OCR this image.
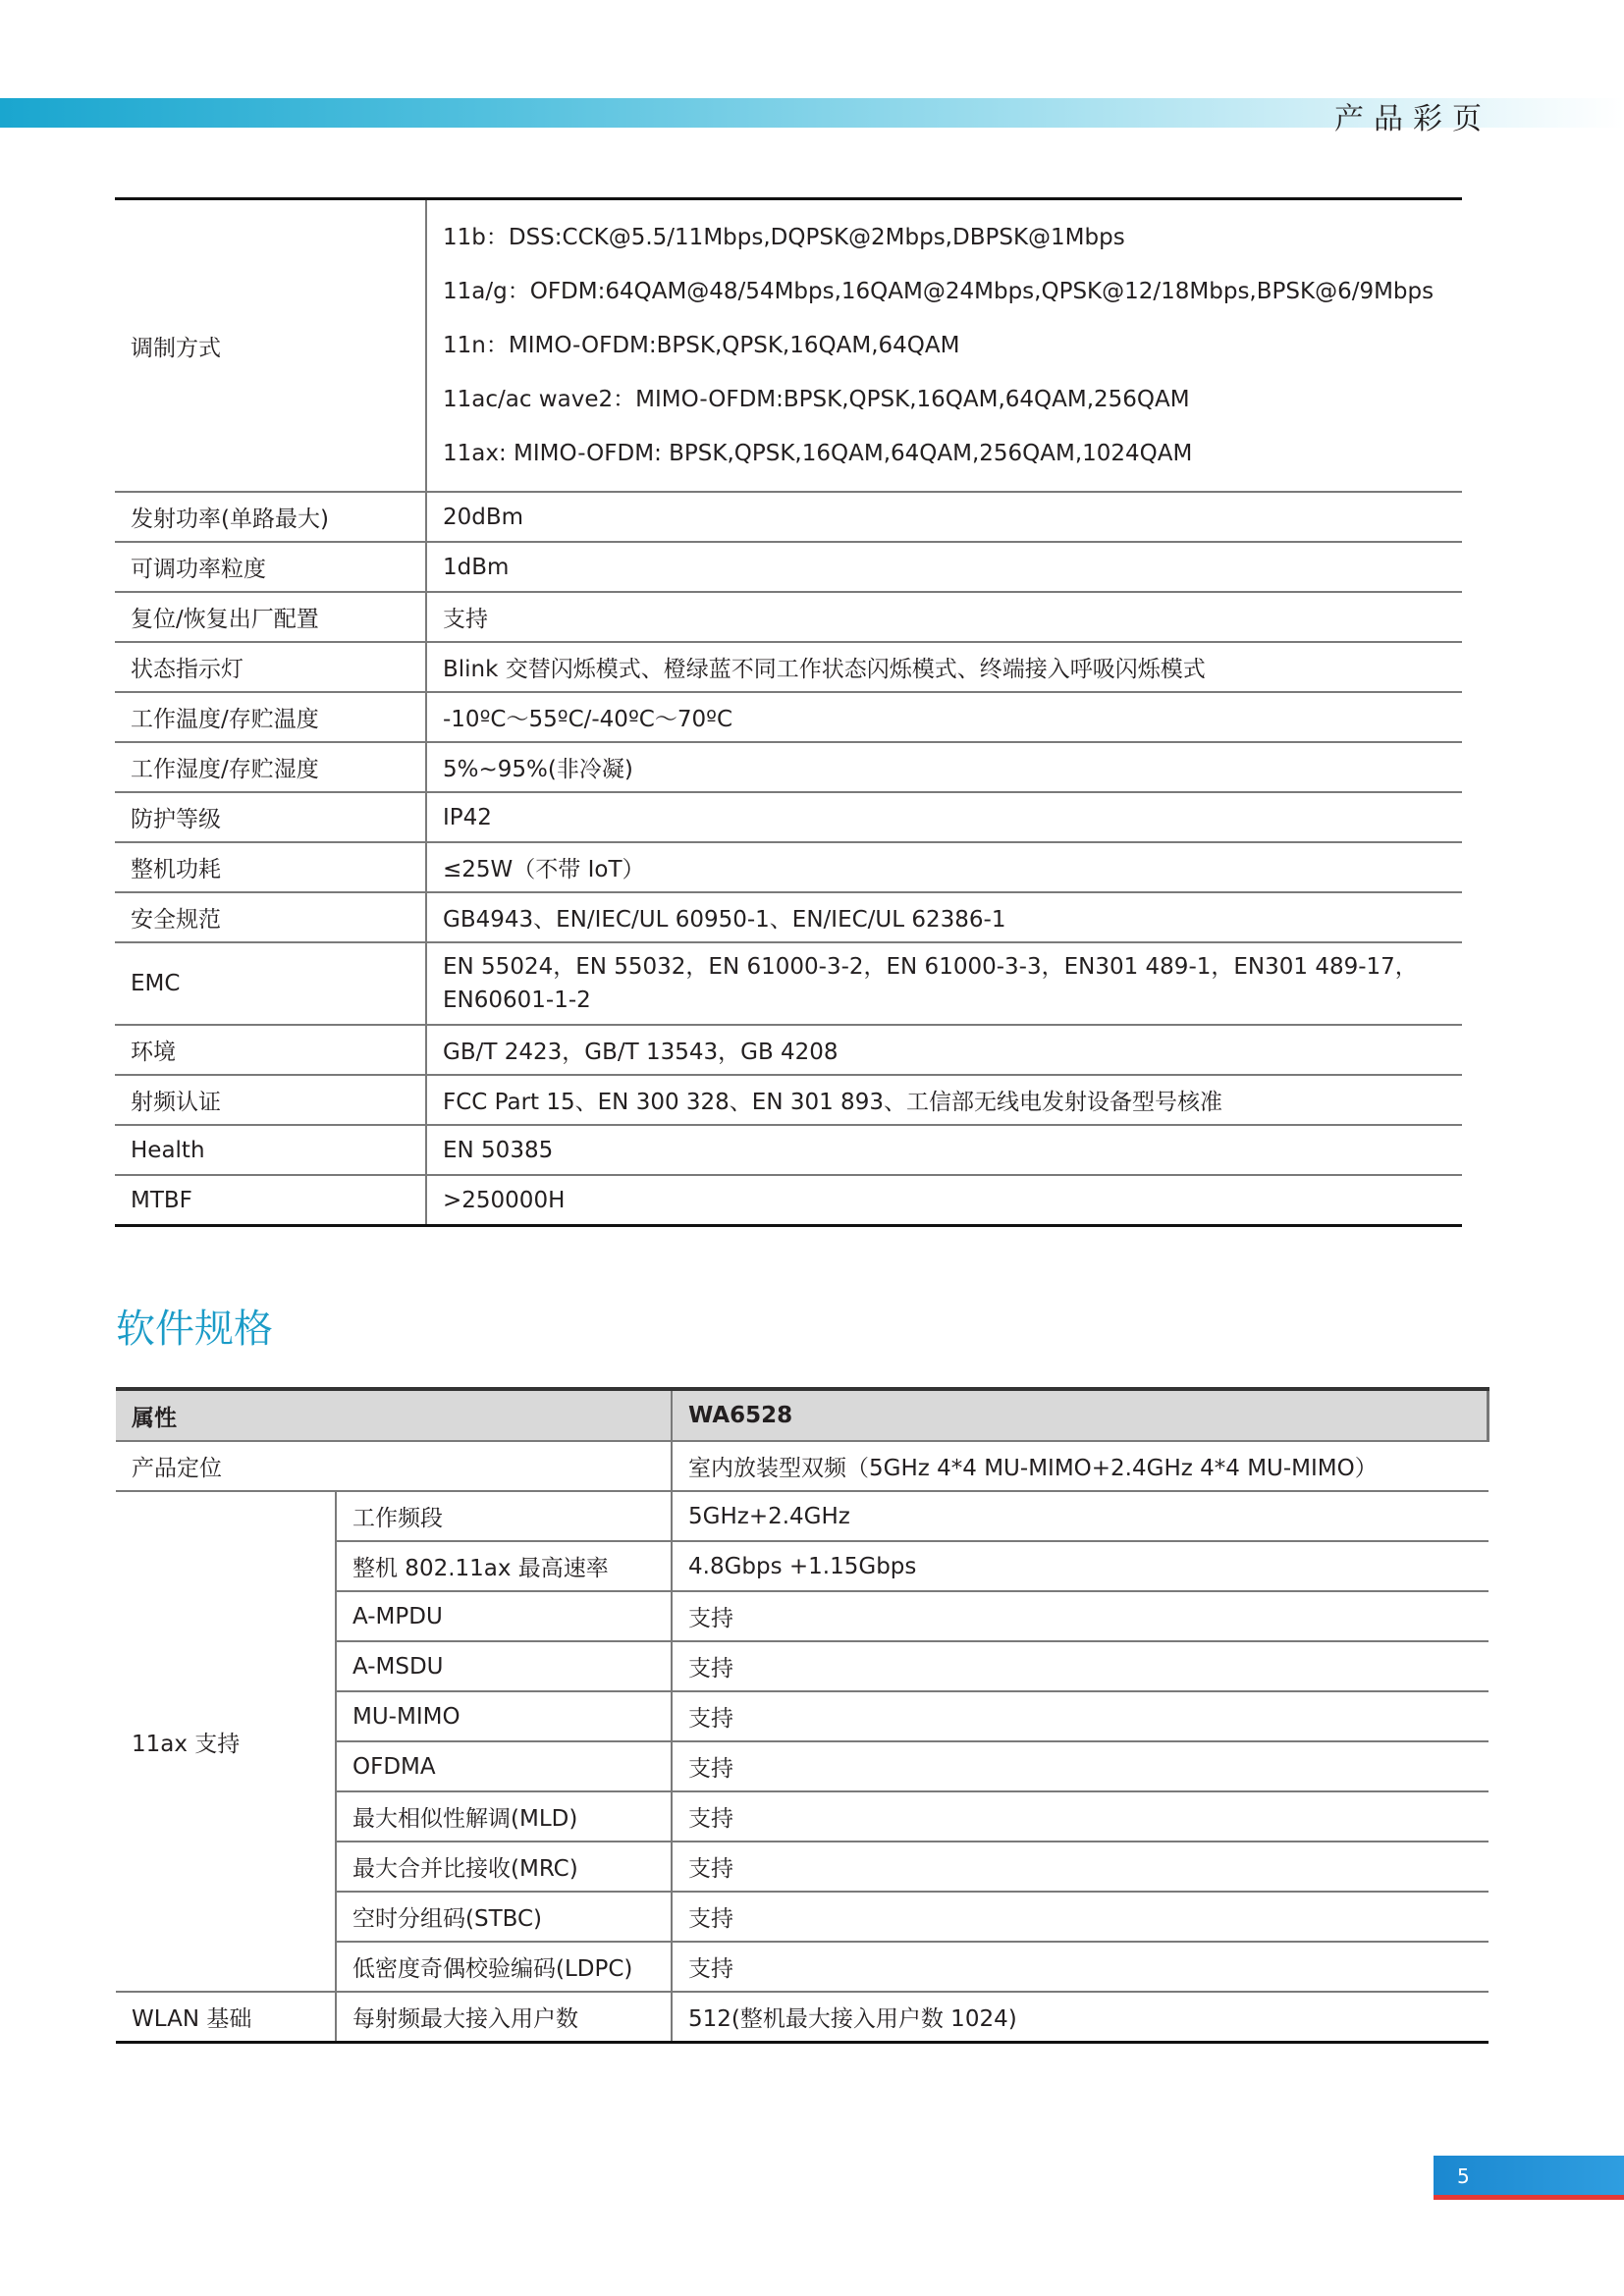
产品彩页
调制方式	11b：DSS:CCK@5.5/11Mbps,DQPSK@2Mbps,DBPSK@1Mbps
11a/g：OFDM:64QAM@48/54Mbps,16QAM@24Mbps,QPSK@12/18Mbps,BPSK@6/9Mbps
11n：MIMO-OFDM:BPSK,QPSK,16QAM,64QAM
11ac/ac wave2：MIMO-OFDM:BPSK,QPSK,16QAM,64QAM,256QAM
11ax: MIMO-OFDM: BPSK,QPSK,16QAM,64QAM,256QAM,1024QAM

发射功率(单路最大)	20dBm
可调功率粒度	1dBm
复位/恢复出厂配置	支持
状态指示灯	Blink 交替闪烁模式、橙绿蓝不同工作状态闪烁模式、终端接入呼吸闪烁模式
工作温度/存贮温度	-10ºC～55ºC/-40ºC～70ºC
工作湿度/存贮湿度	5%~95%(非冷凝)
防护等级	IP42
整机功耗	≤25W（不带 IoT）
安全规范	GB4943、EN/IEC/UL 60950-1、EN/IEC/UL 62386-1
EMC	EN 55024，EN 55032，EN 61000-3-2，EN 61000-3-3，EN301 489-1，EN301 489-17，
EN60601-1-2

环境	GB/T 2423，GB/T 13543，GB 4208
射频认证	FCC Part 15、EN 300 328、EN 301 893、工信部无线电发射设备型号核准
Health	EN 50385
MTBF	>250000H
软件规格
属性		WA6528
产品定位		室内放装型双频（5GHz 4*4 MU-MIMO+2.4GHz 4*4 MU-MIMO）
11ax 支持	工作频段	5GHz+2.4GHz
	整机 802.11ax 最高速率	4.8Gbps +1.15Gbps
	A-MPDU	支持
	A-MSDU	支持
	MU-MIMO	支持
	OFDMA	支持
	最大相似性解调(MLD)	支持
	最大合并比接收(MRC)	支持
	空时分组码(STBC)	支持
	低密度奇偶校验编码(LDPC)	支持
WLAN 基础	每射频最大接入用户数	512(整机最大接入用户数 1024)
5
